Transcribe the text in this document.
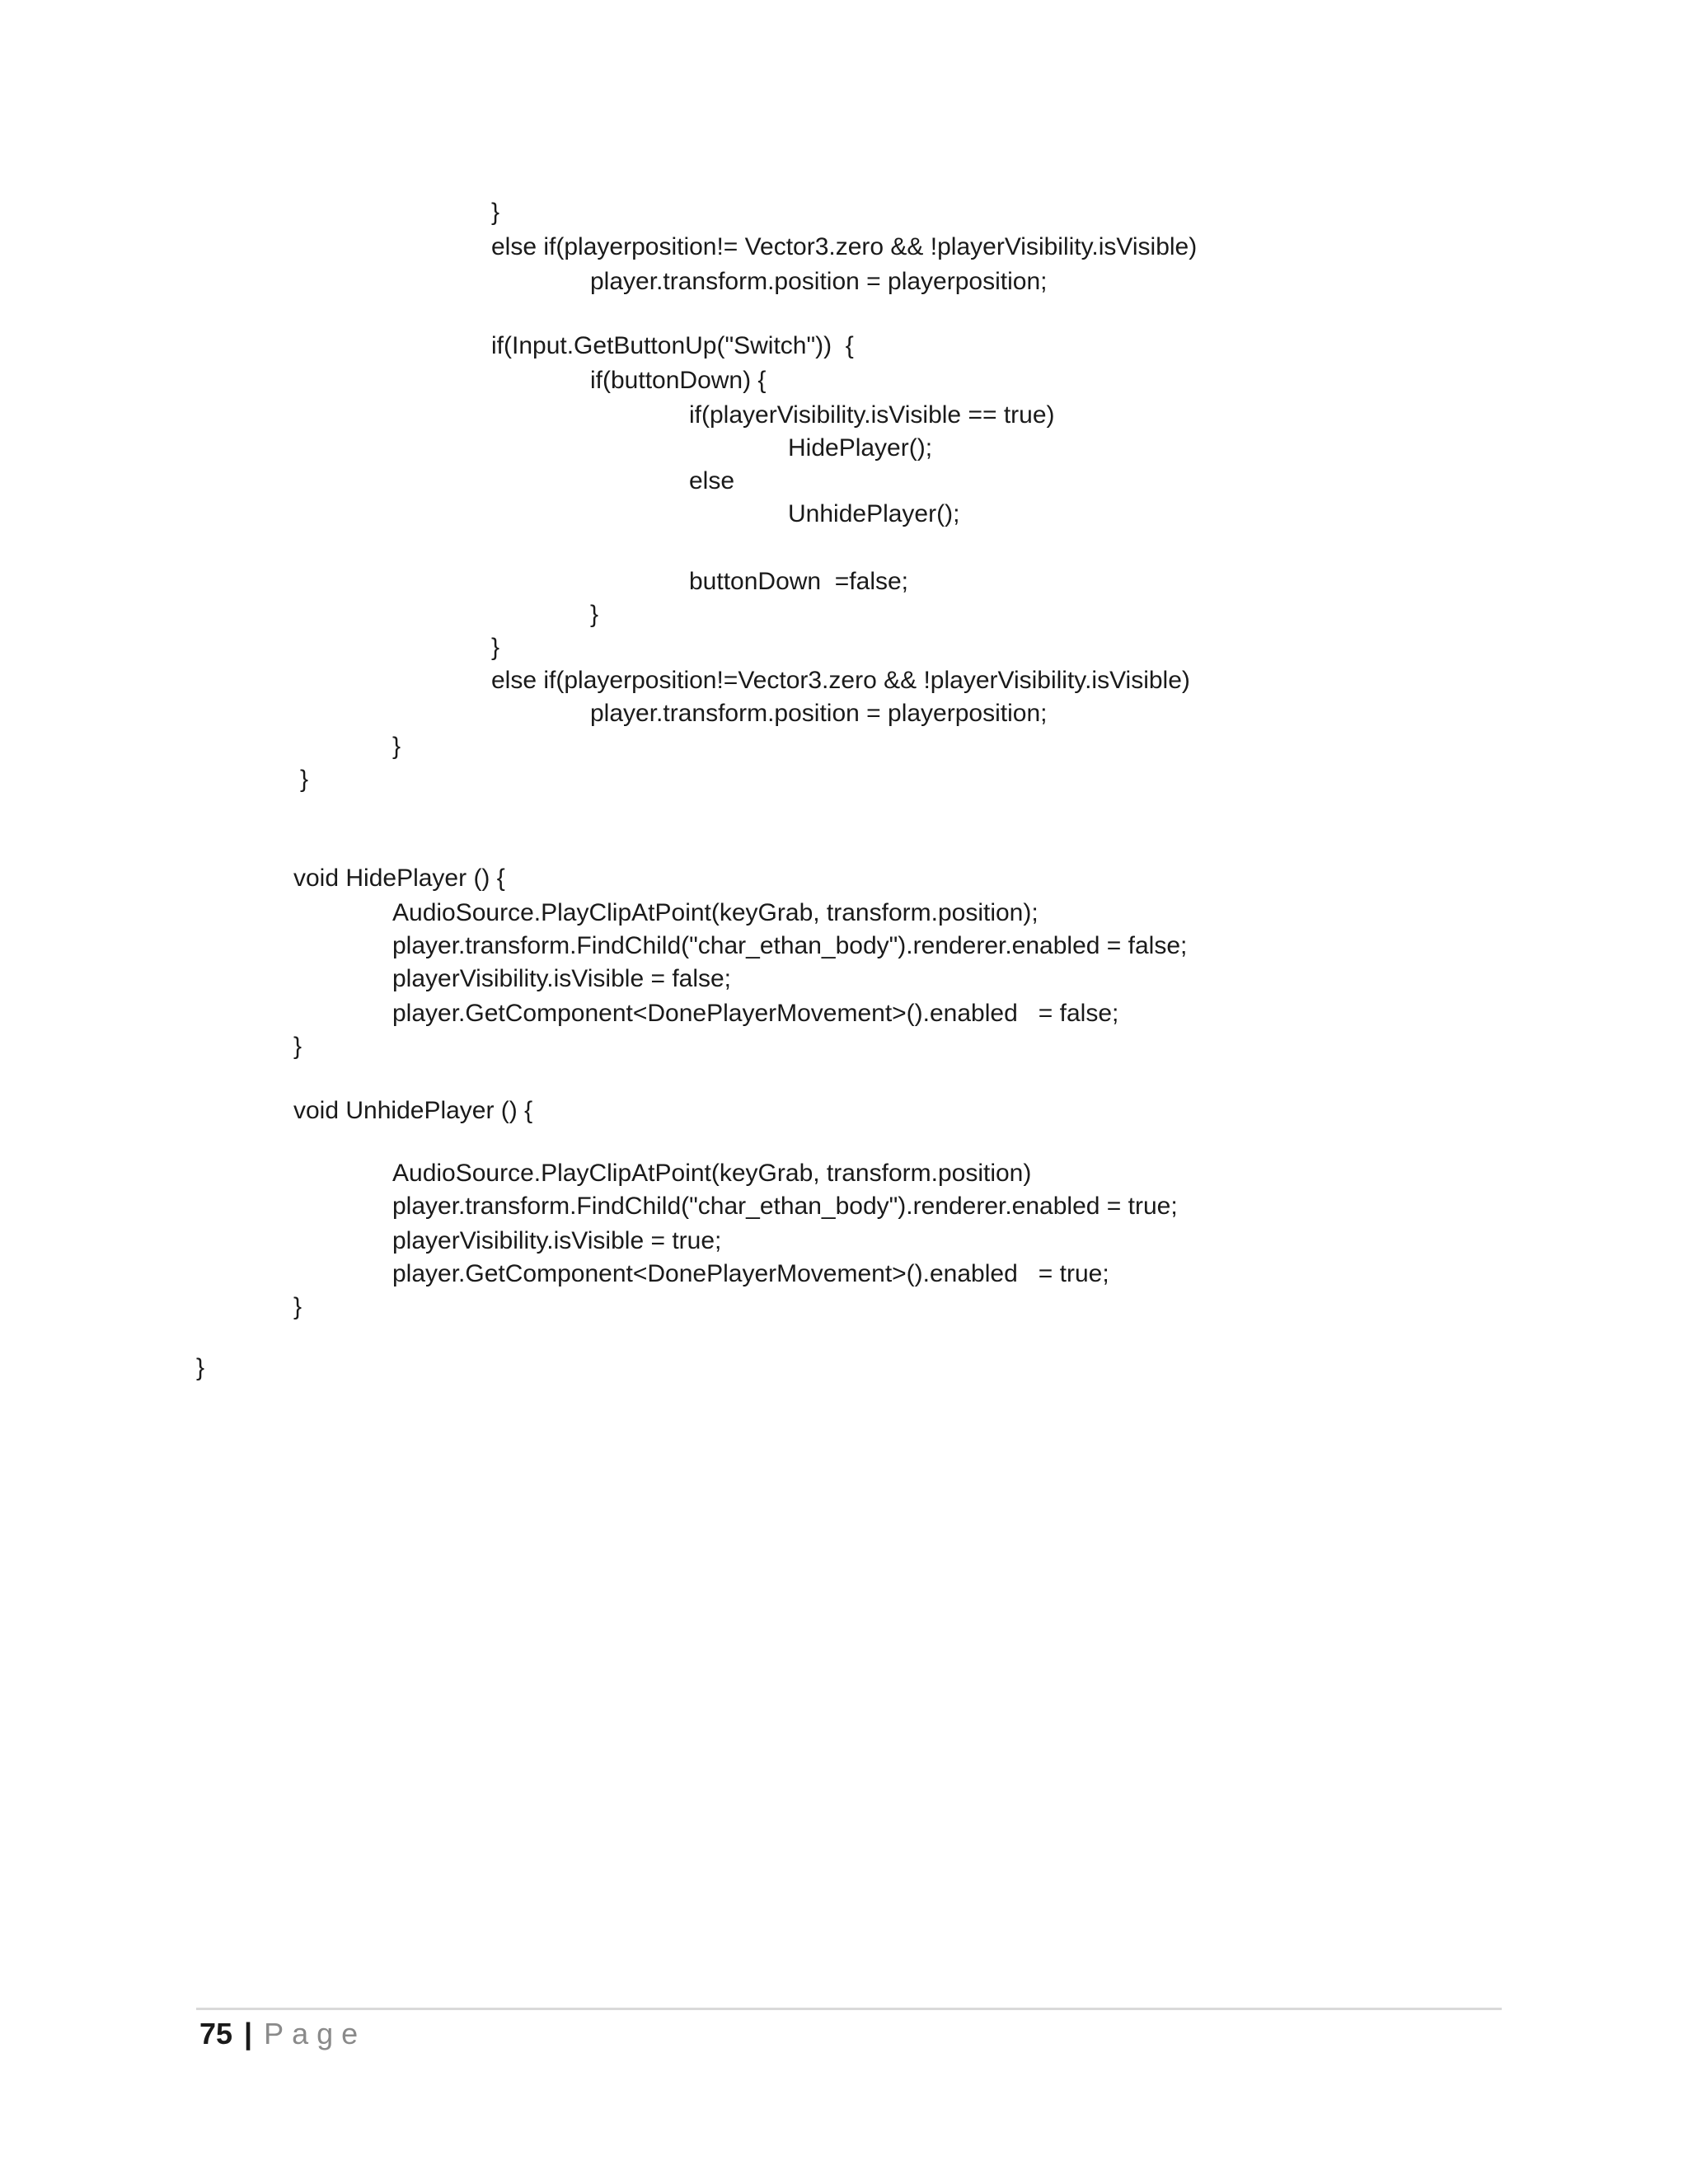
}
else if(playerposition!= Vector3.zero && !playerVisibility.isVisible)
player.transform.position = playerposition;
if(Input.GetButtonUp("Switch"))  {
if(buttonDown) {
if(playerVisibility.isVisible == true)
HidePlayer();
else
UnhidePlayer();
buttonDown  =false;
}
}
else if(playerposition!=Vector3.zero && !playerVisibility.isVisible)
player.transform.position = playerposition;
}
}
void HidePlayer () {
AudioSource.PlayClipAtPoint(keyGrab, transform.position);
player.transform.FindChild("char_ethan_body").renderer.enabled = false;
playerVisibility.isVisible = false;
player.GetComponent<DonePlayerMovement>().enabled   = false;
}
void UnhidePlayer () {
AudioSource.PlayClipAtPoint(keyGrab, transform.position)
player.transform.FindChild("char_ethan_body").renderer.enabled = true;
playerVisibility.isVisible = true;
player.GetComponent<DonePlayerMovement>().enabled   = true;
}
}
75 | Page
